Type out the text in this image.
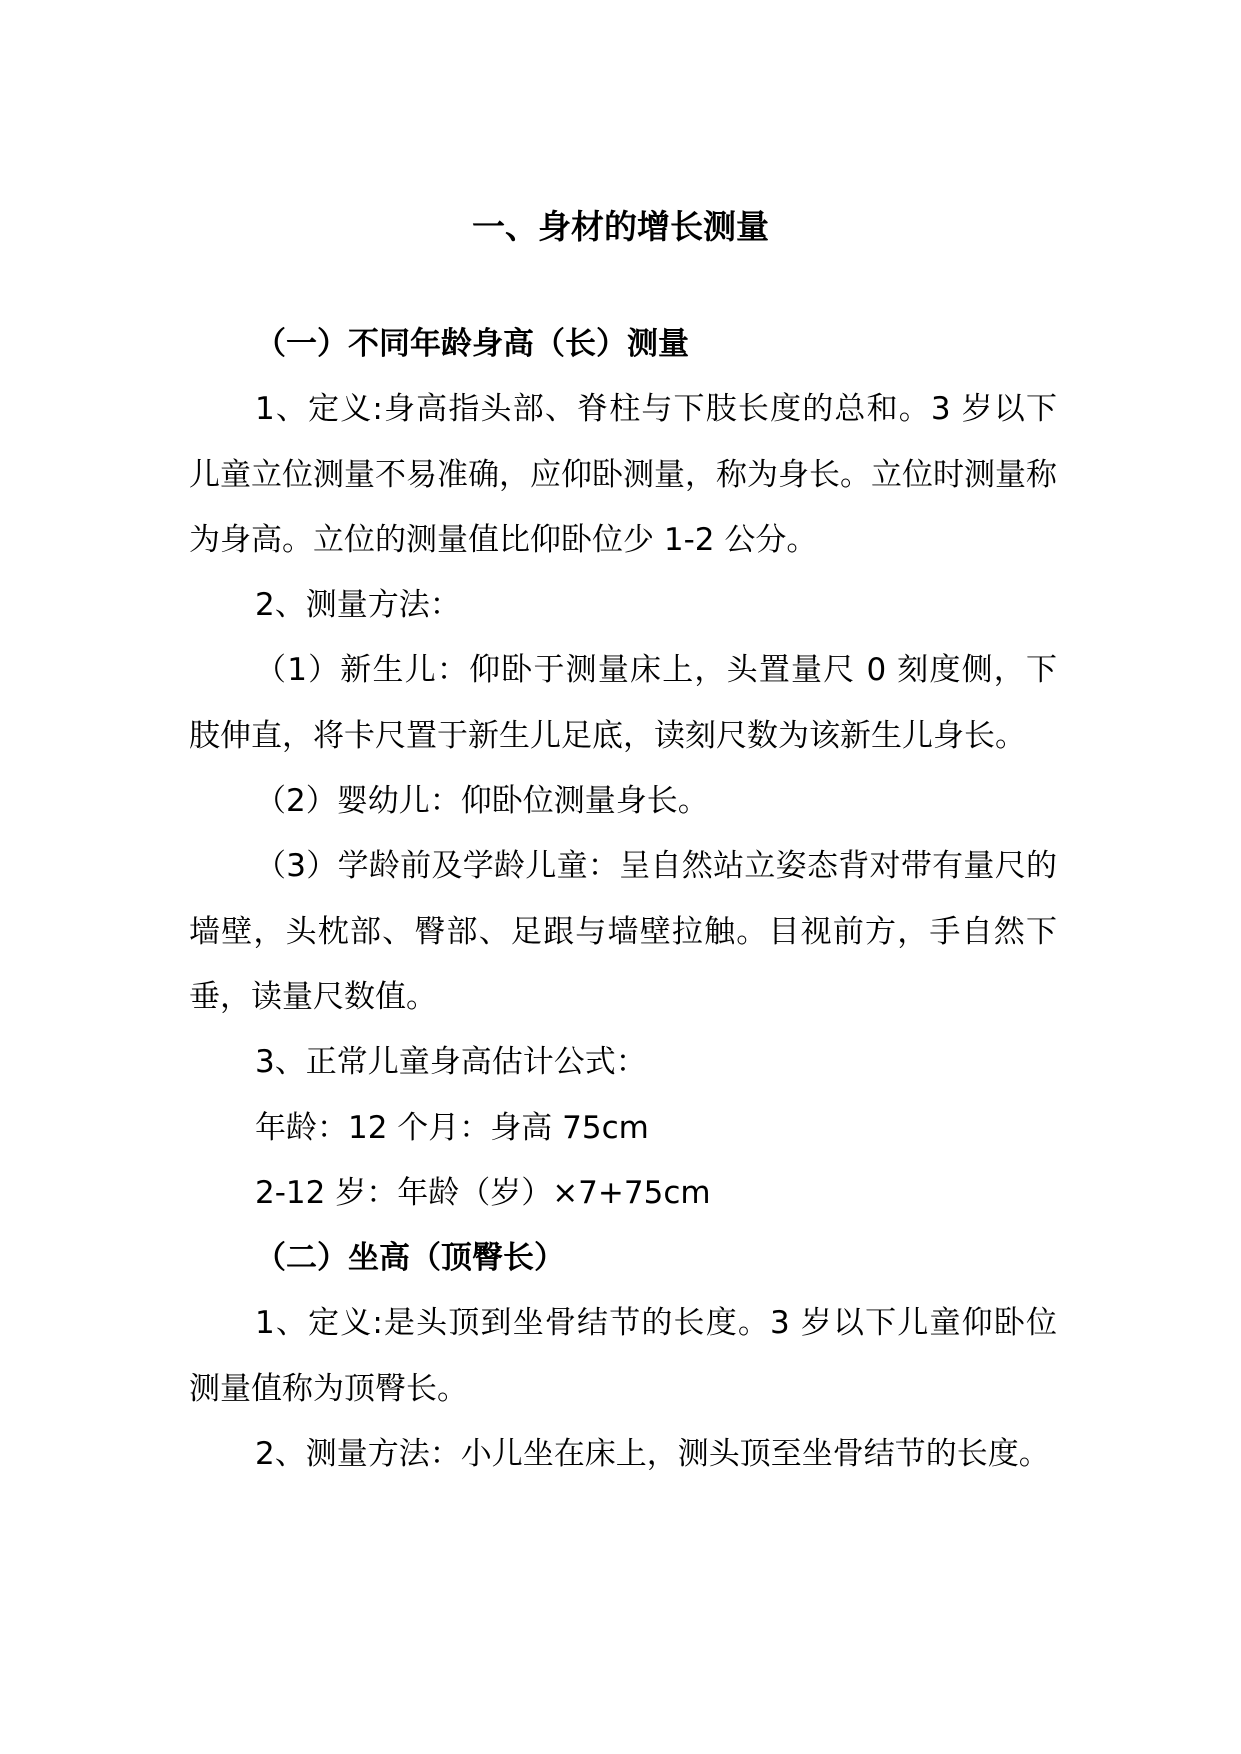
一、身材的增长测量

（一）不同年龄身高（长）测量

1、定义:身高指头部、脊柱与下肢长度的总和。3 岁以下儿童立位测量不易准确，应仰卧测量，称为身长。立位时测量称为身高。立位的测量值比仰卧位少 1-2 公分。

2、测量方法：

（1）新生儿：仰卧于测量床上，头置量尺 0 刻度侧，下肢伸直，将卡尺置于新生儿足底，读刻尺数为该新生儿身长。

（2）婴幼儿：仰卧位测量身长。

（3）学龄前及学龄儿童：呈自然站立姿态背对带有量尺的墙壁，头枕部、臀部、足跟与墙壁拉触。目视前方，手自然下垂，读量尺数值。

3、正常儿童身高估计公式：

年龄：12 个月：身高 75cm

2-12 岁：年龄（岁）×7+75cm

（二）坐高（顶臀长）

1、定义:是头顶到坐骨结节的长度。3 岁以下儿童仰卧位测量值称为顶臀长。

2、测量方法：小儿坐在床上，测头顶至坐骨结节的长度。
